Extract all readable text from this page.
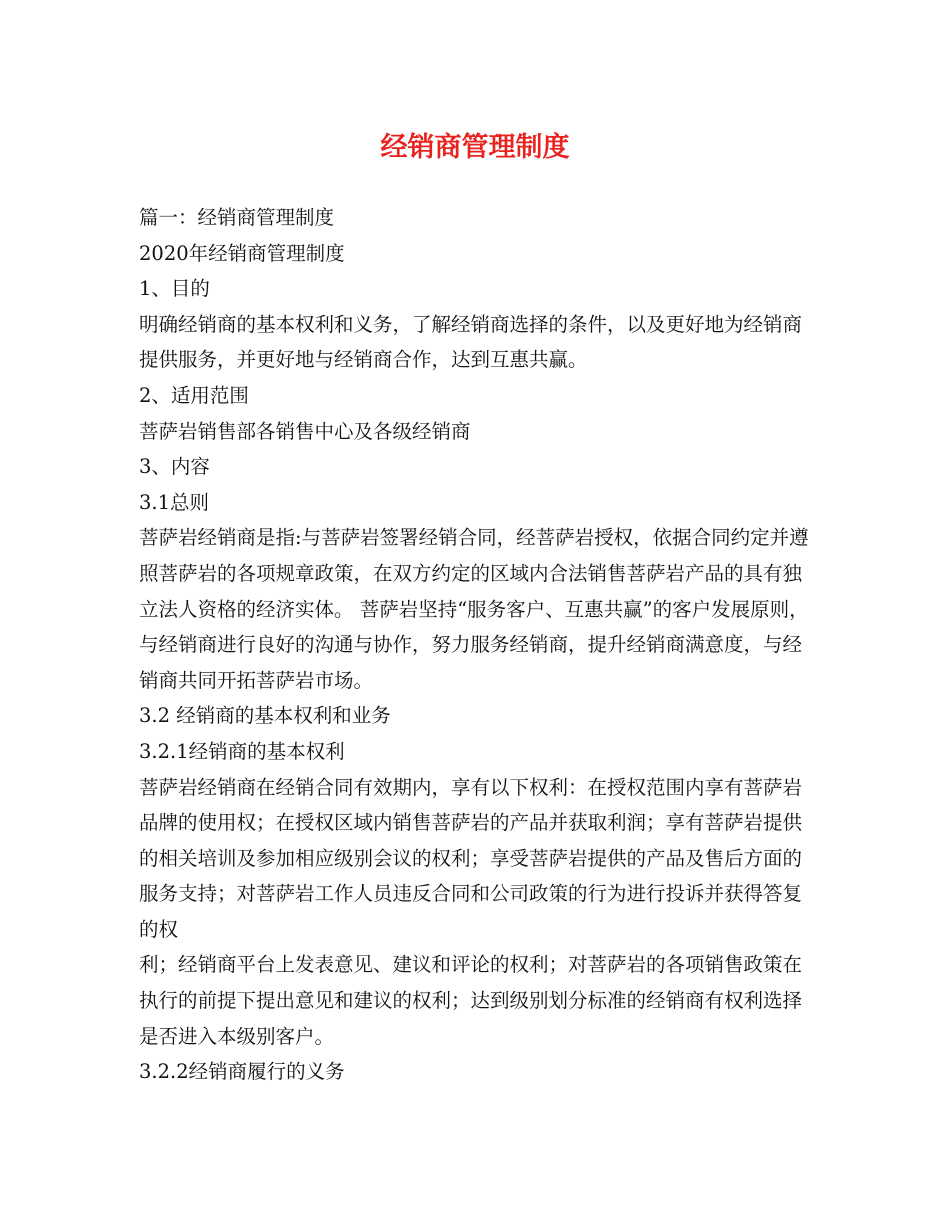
经销商管理制度
篇一：经销商管理制度
2020年经销商管理制度
1、目的
明确经销商的基本权利和义务，了解经销商选择的条件，以及更好地为经销商提供服务，并更好地与经销商合作，达到互惠共赢。
2、适用范围
菩萨岩销售部各销售中心及各级经销商
3、内容
3.1总则
菩萨岩经销商是指:与菩萨岩签署经销合同，经菩萨岩授权，依据合同约定并遵照菩萨岩的各项规章政策，在双方约定的区域内合法销售菩萨岩产品的具有独立法人资格的经济实体。 菩萨岩坚持“服务客户、互惠共赢”的客户发展原则，与经销商进行良好的沟通与协作，努力服务经销商，提升经销商满意度，与经销商共同开拓菩萨岩市场。
3.2 经销商的基本权利和业务
3.2.1经销商的基本权利
菩萨岩经销商在经销合同有效期内，享有以下权利：在授权范围内享有菩萨岩品牌的使用权；在授权区域内销售菩萨岩的产品并获取利润；享有菩萨岩提供的相关培训及参加相应级别会议的权利；享受菩萨岩提供的产品及售后方面的服务支持；对菩萨岩工作人员违反合同和公司政策的行为进行投诉并获得答复的权
利；经销商平台上发表意见、建议和评论的权利；对菩萨岩的各项销售政策在执行的前提下提出意见和建议的权利；达到级别划分标准的经销商有权利选择是否进入本级别客户。
3.2.2经销商履行的义务
